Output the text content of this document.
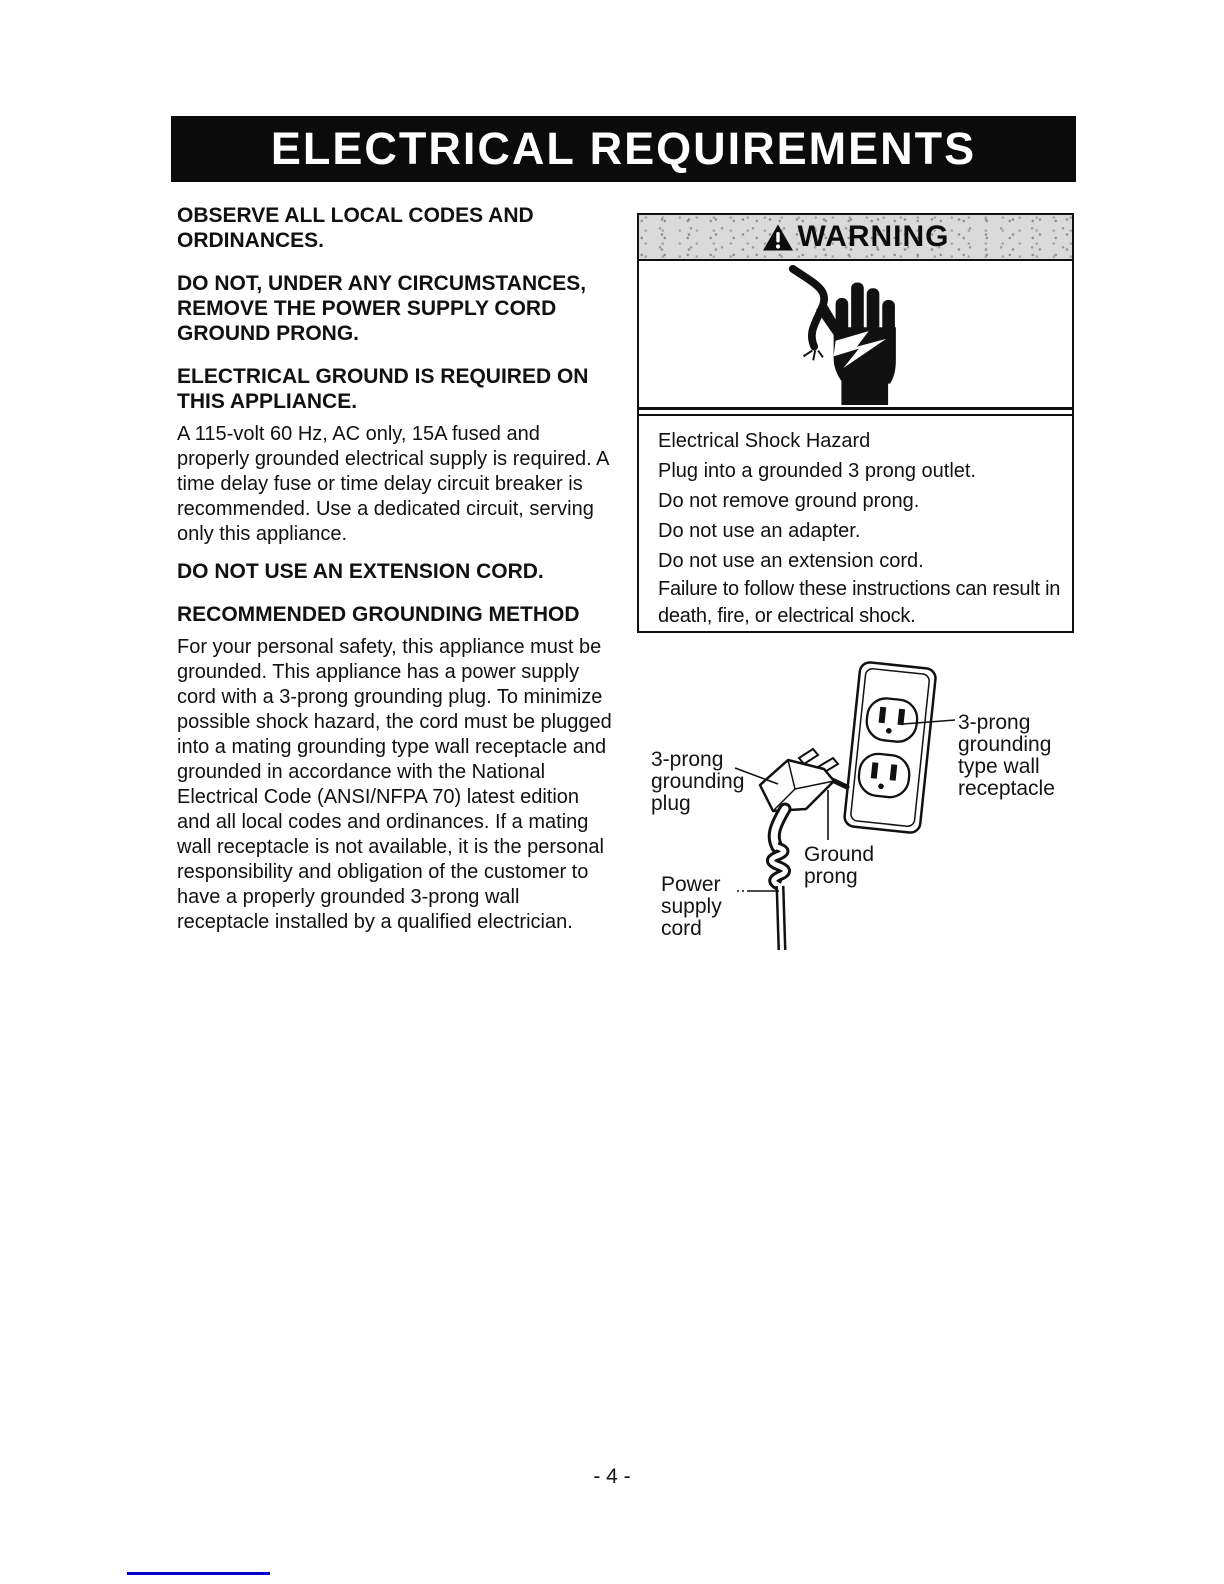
ELECTRICAL REQUIREMENTS
OBSERVE ALL LOCAL CODES AND ORDINANCES.
DO NOT, UNDER ANY CIRCUMSTANCES, REMOVE THE POWER SUPPLY CORD GROUND PRONG.
ELECTRICAL GROUND IS REQUIRED ON THIS APPLIANCE.
A 115-volt 60 Hz, AC only, 15A fused and properly grounded electrical supply is required. A time delay fuse or time delay circuit breaker is recommended. Use a dedicated circuit, serving only this appliance.
DO NOT USE AN EXTENSION CORD.
RECOMMENDED GROUNDING METHOD
For your personal safety, this appliance must be grounded. This appliance has a power supply cord with a 3-prong grounding plug. To minimize possible shock hazard, the cord must be plugged into a mating grounding type wall receptacle and grounded in accordance with the National Electrical Code (ANSI/NFPA 70) latest edition and all local codes and ordinances. If a mating wall receptacle is not available, it is the personal responsibility and obligation of the customer to have a properly grounded 3-prong wall receptacle installed by a qualified electrician.
WARNING
Electrical Shock Hazard
Plug into a grounded 3 prong outlet.
Do not remove ground prong.
Do not use an adapter.
Do not use an extension cord.
Failure to follow these instructions can result in death, fire, or electrical shock.
3-prong grounding plug
3-prong grounding type wall receptacle
Ground prong
Power supply cord
- 4 -
